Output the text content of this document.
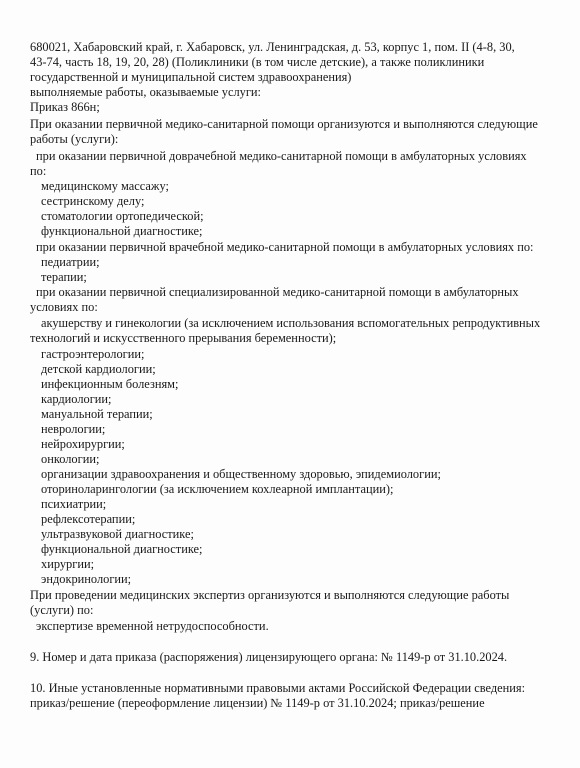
680021, Хабаровский край, г. Хабаровск, ул. Ленинградская, д. 53, корпус 1, пом. II (4-8, 30,
43-74, часть 18, 19, 20, 28) (Поликлиники (в том числе детские), а также поликлиники
государственной и муниципальной систем здравоохранения)
выполняемые работы, оказываемые услуги:
Приказ 866н;
При оказании первичной медико-санитарной помощи организуются и выполняются следующие
работы (услуги):
при оказании первичной доврачебной медико-санитарной помощи в амбулаторных условиях
по:
медицинскому массажу;
сестринскому делу;
стоматологии ортопедической;
функциональной диагностике;
при оказании первичной врачебной медико-санитарной помощи в амбулаторных условиях по:
педиатрии;
терапии;
при оказании первичной специализированной медико-санитарной помощи в амбулаторных
условиях по:
акушерству и гинекологии (за исключением использования вспомогательных репродуктивных
технологий и искусственного прерывания беременности);
гастроэнтерологии;
детской кардиологии;
инфекционным болезням;
кардиологии;
мануальной терапии;
неврологии;
нейрохирургии;
онкологии;
организации здравоохранения и общественному здоровью, эпидемиологии;
оториноларингологии (за исключением кохлеарной имплантации);
психиатрии;
рефлексотерапии;
ультразвуковой диагностике;
функциональной диагностике;
хирургии;
эндокринологии;
При проведении медицинских экспертиз организуются и выполняются следующие работы
(услуги) по:
экспертизе временной нетрудоспособности.
9. Номер и дата приказа (распоряжения) лицензирующего органа: № 1149-р от 31.10.2024.
10. Иные установленные нормативными правовыми актами Российской Федерации сведения:
приказ/решение (переоформление лицензии) № 1149-р от 31.10.2024; приказ/решение
